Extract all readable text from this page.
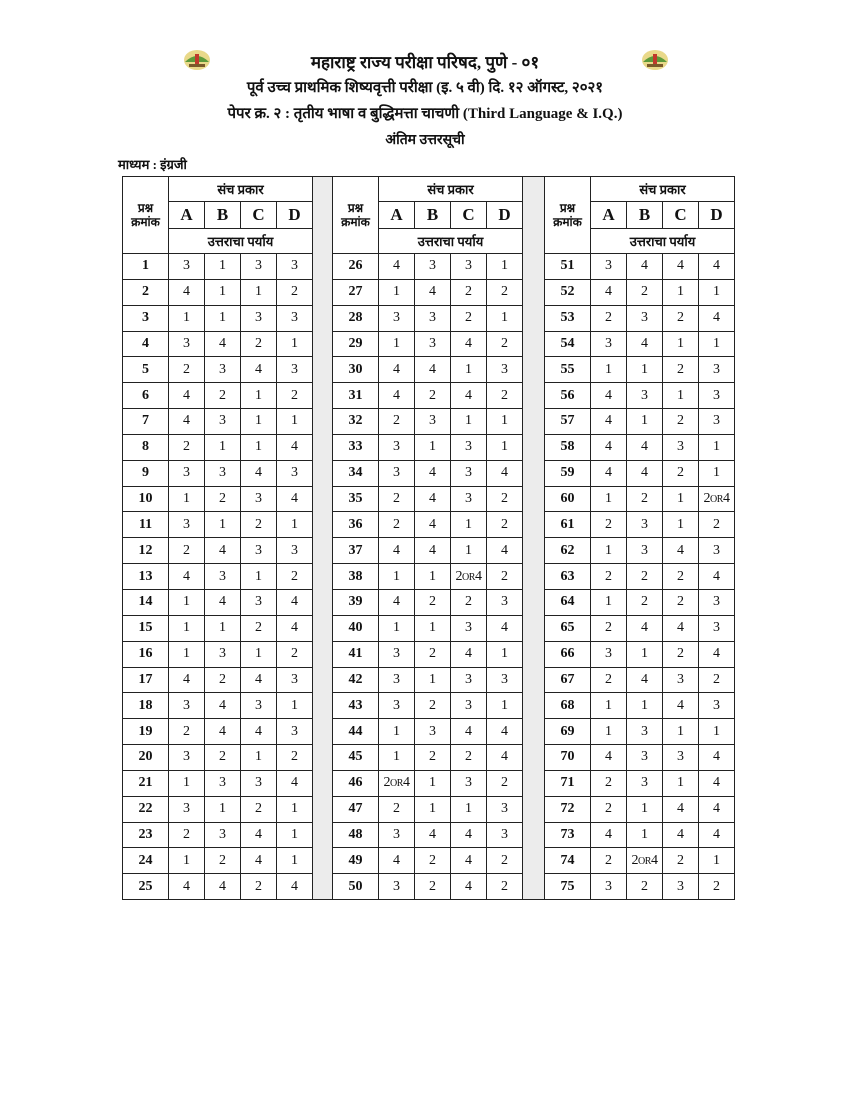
महाराष्ट्र राज्य परीक्षा परिषद, पुणे - ०१
पूर्व उच्च प्राथमिक शिष्यवृत्ती परीक्षा (इ. ५ वी) दि. १२ ऑगस्ट, २०२१
पेपर क्र. २ : तृतीय भाषा व बुद्धिमत्ता चाचणी (Third Language & I.Q.)
अंतिम उत्तरसूची
माध्यम : इंग्रजी
प्रश्न क्रमांक	संच प्रकार			
	A	B	C	D
	उत्तराचा पर्याय			
1	3	1	3	3
2	4	1	1	2
3	1	1	3	3
4	3	4	2	1
5	2	3	4	3
6	4	2	1	2
7	4	3	1	1
8	2	1	1	4
9	3	3	4	3
10	1	2	3	4
11	3	1	2	1
12	2	4	3	3
13	4	3	1	2
14	1	4	3	4
15	1	1	2	4
16	1	3	1	2
17	4	2	4	3
18	3	4	3	1
19	2	4	4	3
20	3	2	1	2
21	1	3	3	4
22	3	1	2	1
23	2	3	4	1
24	1	2	4	1
25	4	4	2	4
प्रश्न क्रमांक	संच प्रकार			
	A	B	C	D
	उत्तराचा पर्याय			
26	4	3	3	1
27	1	4	2	2
28	3	3	2	1
29	1	3	4	2
30	4	4	1	3
31	4	2	4	2
32	2	3	1	1
33	3	1	3	1
34	3	4	3	4
35	2	4	3	2
36	2	4	1	2
37	4	4	1	4
38	1	1	2or4	2
39	4	2	2	3
40	1	1	3	4
41	3	2	4	1
42	3	1	3	3
43	3	2	3	1
44	1	3	4	4
45	1	2	2	4
46	2or4	1	3	2
47	2	1	1	3
48	3	4	4	3
49	4	2	4	2
50	3	2	4	2
प्रश्न क्रमांक	संच प्रकार			
	A	B	C	D
	उत्तराचा पर्याय			
51	3	4	4	4
52	4	2	1	1
53	2	3	2	4
54	3	4	1	1
55	1	1	2	3
56	4	3	1	3
57	4	1	2	3
58	4	4	3	1
59	4	4	2	1
60	1	2	1	2or4
61	2	3	1	2
62	1	3	4	3
63	2	2	2	4
64	1	2	2	3
65	2	4	4	3
66	3	1	2	4
67	2	4	3	2
68	1	1	4	3
69	1	3	1	1
70	4	3	3	4
71	2	3	1	4
72	2	1	4	4
73	4	1	4	4
74	2	2or4	2	1
75	3	2	3	2
